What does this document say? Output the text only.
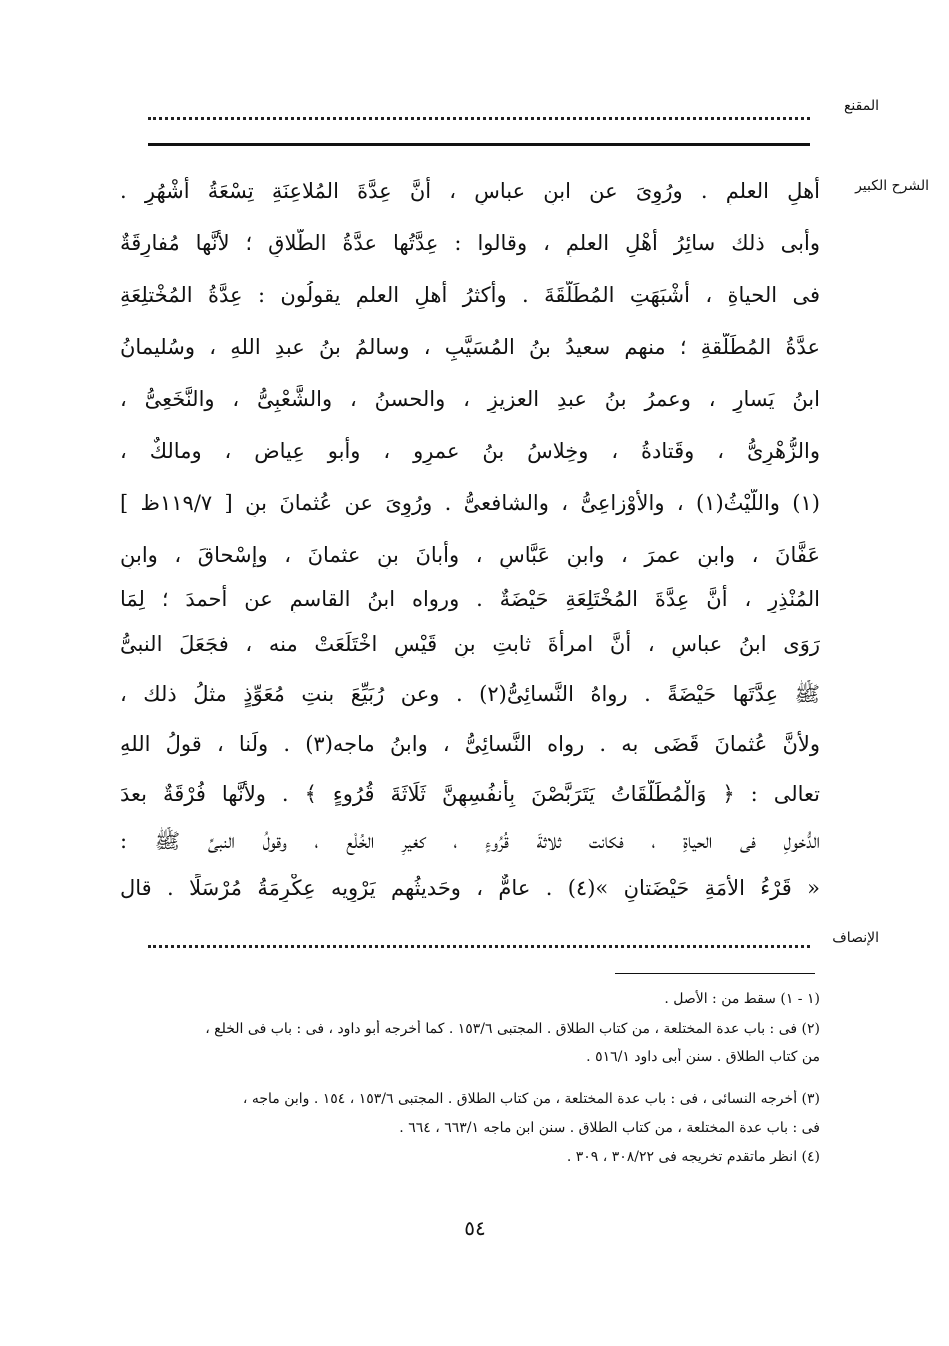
المقنع
الشرح الكبير
أهلِ العلمِ . ورُوِىَ عن ابنِ عباسٍ ، أنَّ عِدَّةَ المُلاعِنَةِ تِسْعَةُ أشْهُرٍ .
وأبى ذلك سائِرُ أهْلِ العلمِ ، وقالوا : عِدَّتُها عدَّةُ الطَّلاقِ ؛ لأنَّها مُفارِقَةٌ
فى الحياةِ ، أشْبَهَتِ المُطَلَّقَةَ . وأكثرُ أهلِ العلمِ يقولُون : عِدَّةُ المُخْتلِعَةِ
عدَّةُ المُطَلَّقةِ ؛ منهم سعيدُ بنُ المُسَيَّبِ ، وسالمُ بنُ عبدِ اللهِ ، وسُليمانُ
ابنُ يَسارٍ ، وعمرُ بنُ عبدِ العزيزِ ، والحسنُ ، والشَّعْبِىُّ ، والنَّخَعِىُّ ،
والزُّهْرِىُّ ، وقَتادةُ ، وخِلاسُ بنُ عمرٍو ، وأبو عِياضٍ ، ومالكٌ ،
(١) واللَّيْثُ(١) ، والأوْزاعِىُّ ، والشافعىُّ . ورُوِىَ عن عُثمانَ بنِ [ ١١٩/٧ظ ]
عَفَّانَ ، وابنِ عمرَ ، وابنِ عَبَّاسٍ ، وأبانَ بنِ عثمانَ ، وإسْحاقَ ، وابنِ
المُنْذِرِ ، أنَّ عِدَّةَ المُخْتَلِعَةِ حَيْضَةٌ . ورواه ابنُ القاسمِ عن أحمدَ ؛ لِمَا
رَوَى ابنُ عباسٍ ، أنَّ امرأةَ ثابتِ بنِ قَيْسٍ اخْتَلَعَتْ منه ، فجَعَلَ النبىُّ
ﷺ عِدَّتَها حَيْضَةً . رواهُ النَّسائِىُّ(٢) . وعن رُبَيِّعَ بنتِ مُعَوِّذٍ مثلُ ذلك ،
ولأنَّ عُثمانَ قَضَى به . رواه النَّسائِىُّ ، وابنُ ماجه(٣) . ولَنا ، قولُ اللهِ
تعالى : ﴿ وَالْمُطَلَّقَاتُ يَتَرَبَّصْنَ بِأَنفُسِهِنَّ ثَلَاثَةَ قُرُوءٍ ﴾ . ولأنَّها فُرْقَةٌ بعدَ
الدُّخولِ فى الحياةِ ، فكانت ثلاثةَ قُرُوءٍ ، كغيرِ الخُلْعِ ، وقولُ النبىِّ ﷺ :
« قَرْءُ الأَمَةِ حَيْضَتانِ »(٤) . عامٌّ ، وحَديثُهم يَرْوِيه عِكْرِمَةُ مُرْسَلًا . قال
الإنصاف
(١ - ١) سقط من : الأصل .
(٢) فى : باب عدة المختلعة ، من كتاب الطلاق . المجتبى ١٥٣/٦ . كما أخرجه أبو داود ، فى : باب فى الخلع ،
من كتاب الطلاق . سنن أبى داود ٥١٦/١ .
(٣) أخرجه النسائى ، فى : باب عدة المختلعة ، من كتاب الطلاق . المجتبى ١٥٣/٦ ، ١٥٤ . وابن ماجه ،
فى : باب عدة المختلعة ، من كتاب الطلاق . سنن ابن ماجه ٦٦٣/١ ، ٦٦٤ .
(٤) انظر ماتقدم تخريجه فى ٣٠٨/٢٢ ، ٣٠٩ .
٥٤
